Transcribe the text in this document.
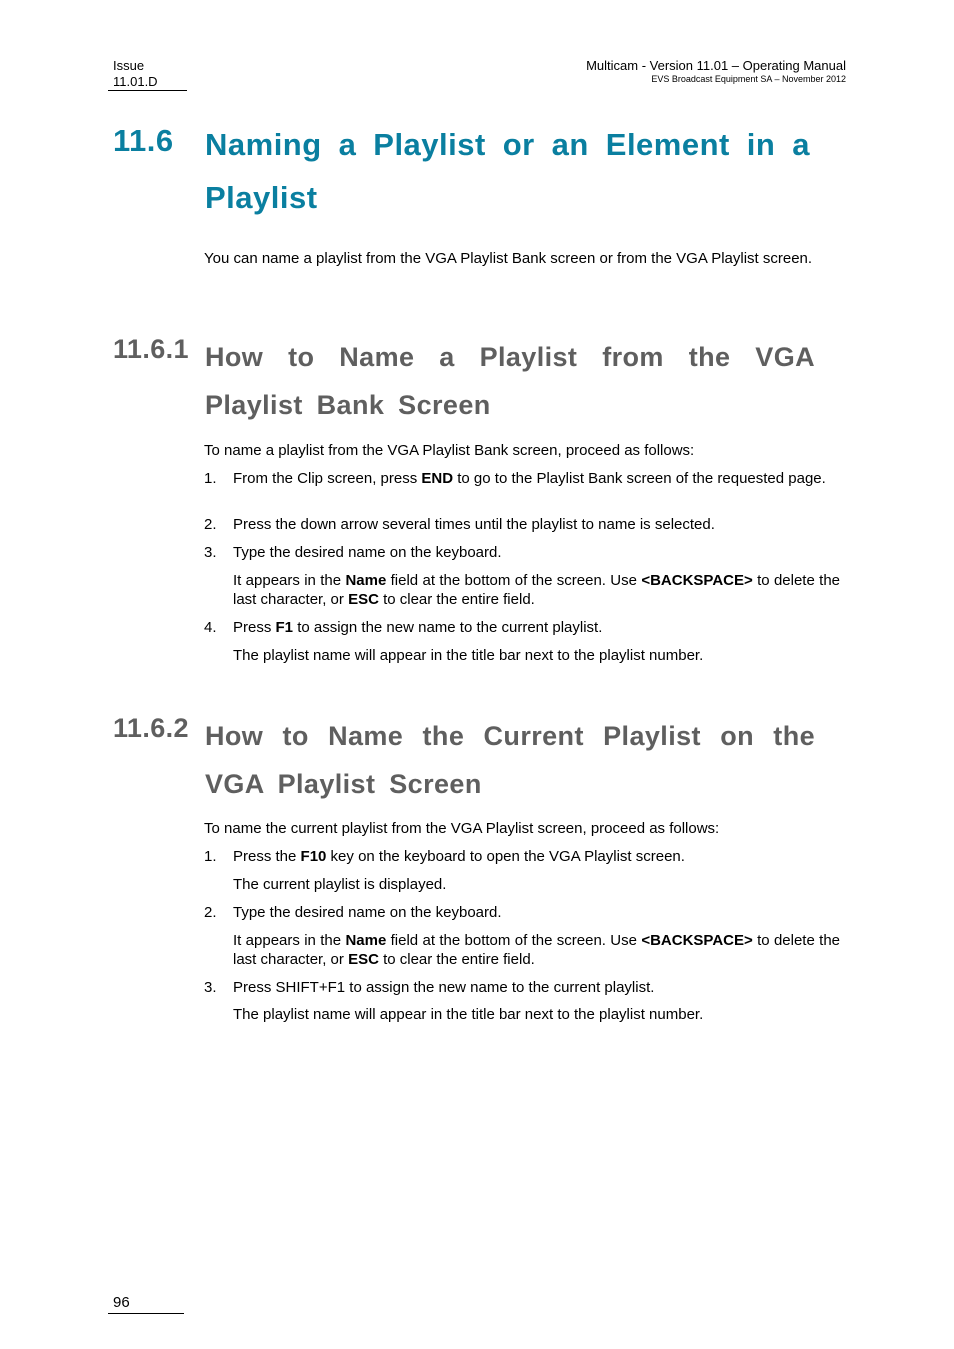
Issue
11.01.D
Multicam - Version 11.01 – Operating Manual
EVS Broadcast Equipment SA – November 2012
11.6 Naming a Playlist or an Element in a Playlist
You can name a playlist from the VGA Playlist Bank screen or from the VGA Playlist screen.
11.6.1 How to Name a Playlist from the VGA Playlist Bank Screen
To name a playlist from the VGA Playlist Bank screen, proceed as follows:
1. From the Clip screen, press END to go to the Playlist Bank screen of the requested page.
2. Press the down arrow several times until the playlist to name is selected.
3. Type the desired name on the keyboard.
It appears in the Name field at the bottom of the screen. Use <BACKSPACE> to delete the last character, or ESC to clear the entire field.
4. Press F1 to assign the new name to the current playlist.
The playlist name will appear in the title bar next to the playlist number.
11.6.2 How to Name the Current Playlist on the VGA Playlist Screen
To name the current playlist from the VGA Playlist screen, proceed as follows:
1. Press the F10 key on the keyboard to open the VGA Playlist screen.
The current playlist is displayed.
2. Type the desired name on the keyboard.
It appears in the Name field at the bottom of the screen. Use <BACKSPACE> to delete the last character, or ESC to clear the entire field.
3. Press SHIFT+F1 to assign the new name to the current playlist.
The playlist name will appear in the title bar next to the playlist number.
96
